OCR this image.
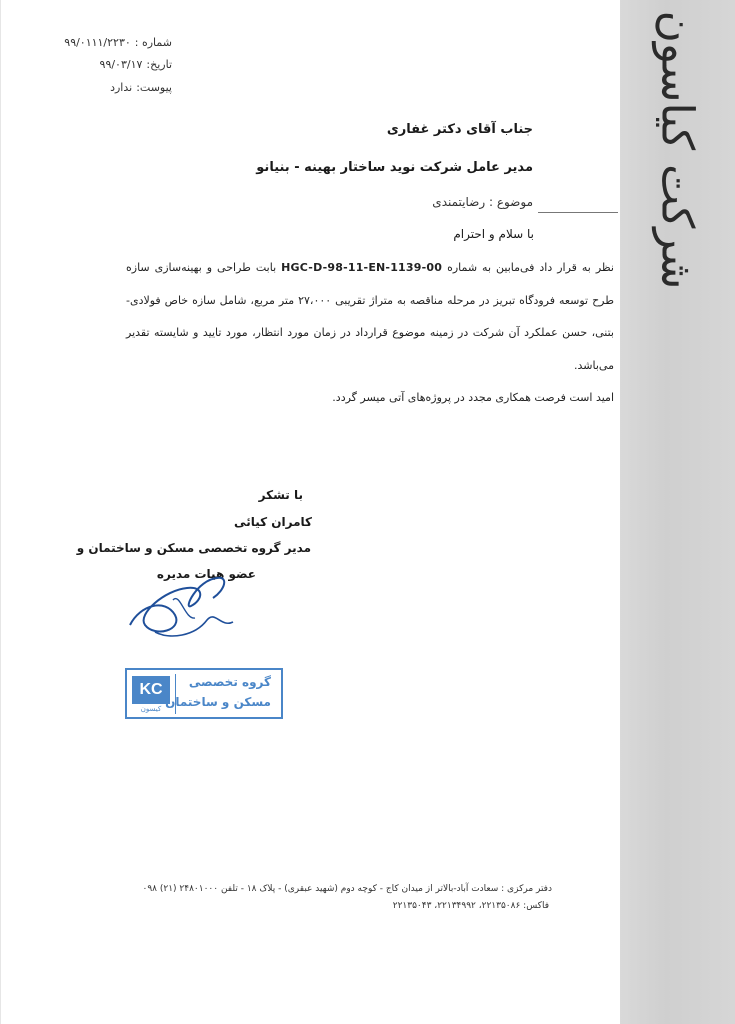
شرکت کیاسون
شماره :۹۹/۰۱۱۱/۲۲۳۰
تاریخ:۹۹/۰۳/۱۷
پیوست:ندارد
جناب آقای دکتر غفاری
مدیر عامل شرکت نوید ساختار بهینه - بنیانو
موضوع : رضایتمندی
با سلام و احترام
نظر به قرار داد فی‌مابین به شماره HGC-D-98-11-EN-1139-00 بابت طراحی و بهینه‌سازی سازه طرح توسعه فرودگاه تبریز در مرحله مناقصه به متراژ تقریبی ۲۷،۰۰۰ متر مربع، شامل سازه خاص فولادی- بتنی، حسن عملکرد آن شرکت در زمینه موضوع قرارداد در زمان مورد انتظار، مورد تایید و شایسته تقدیر می‌باشد.
امید است فرصت همکاری مجدد در پروژه‌های آتی میسر گردد.
با تشکر
کامران کیائی
مدیر گروه تخصصی مسکن و ساختمان و
عضو هیات مدیره
KC
کیسون
گروه تخصصی
مسکن و ساختمان
دفتر مرکزی : سعادت آباد-بالاتر از میدان کاج - کوچه دوم (شهید عبقری) - پلاک ۱۸ - تلفن ۲۴۸۰۱۰۰۰ (۲۱) ۰۹۸
فاکس: ۲۲۱۳۵۰۸۶، ۲۲۱۳۴۹۹۲، ۲۲۱۳۵۰۴۳
